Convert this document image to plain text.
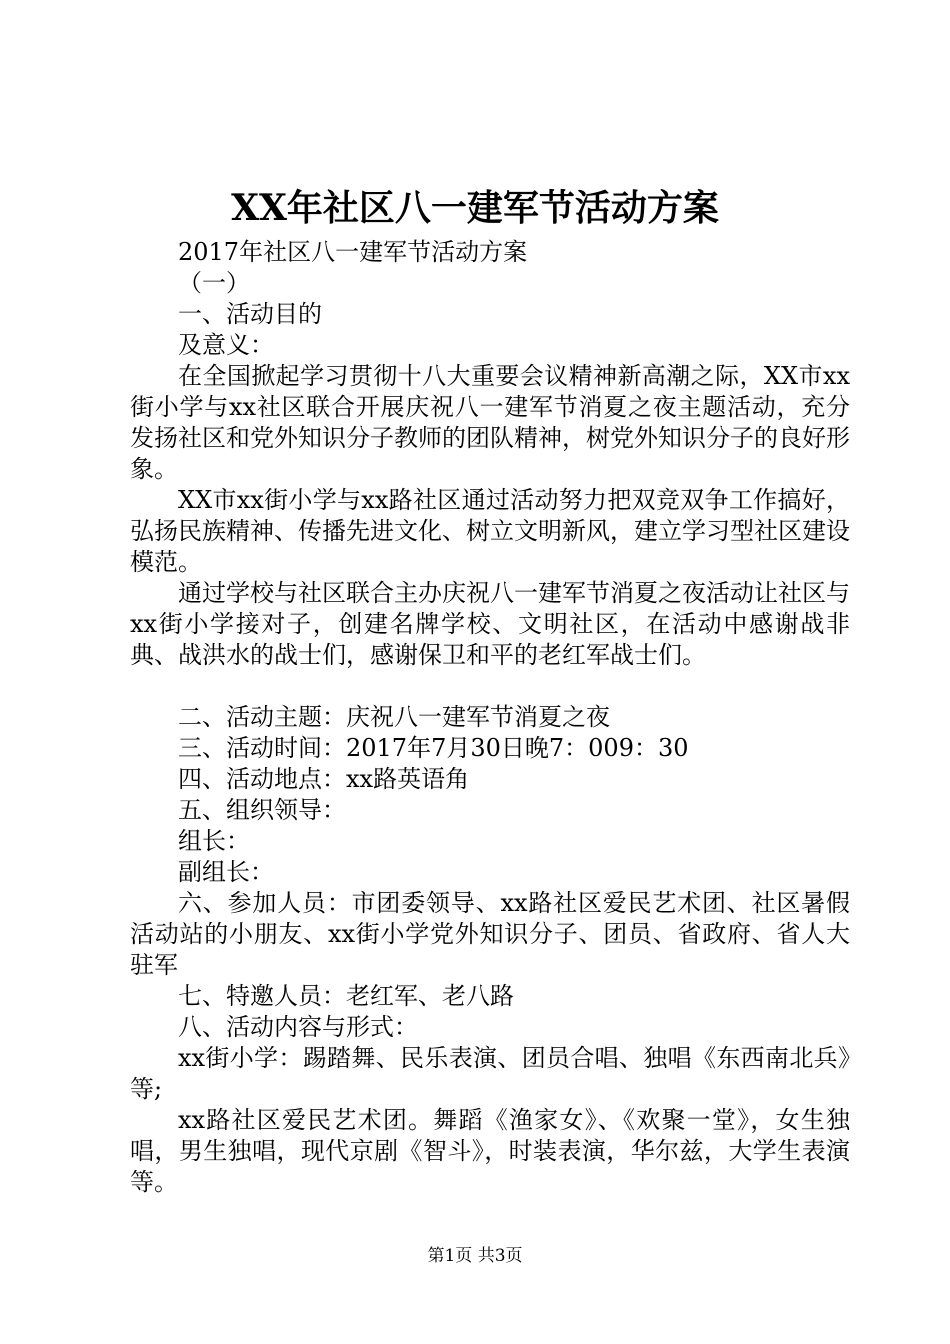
XX年社区八一建军节活动方案

2017年社区八一建军节活动方案

（一）

一、活动目的

及意义：

在全国掀起学习贯彻十八大重要会议精神新高潮之际，XX市xx街小学与xx社区联合开展庆祝八一建军节消夏之夜主题活动，充分发扬社区和党外知识分子教师的团队精神，树党外知识分子的良好形象。

XX市xx街小学与xx路社区通过活动努力把双竞双争工作搞好，弘扬民族精神、传播先进文化、树立文明新风，建立学习型社区建设模范。

通过学校与社区联合主办庆祝八一建军节消夏之夜活动让社区与xx街小学接对子，创建名牌学校、文明社区，在活动中感谢战非典、战洪水的战士们，感谢保卫和平的老红军战士们。

二、活动主题：庆祝八一建军节消夏之夜

三、活动时间：2017年7月30日晚7：009：30

四、活动地点：xx路英语角

五、组织领导：

组长：

副组长：

六、参加人员：市团委领导、xx路社区爱民艺术团、社区暑假活动站的小朋友、xx街小学党外知识分子、团员、省政府、省人大驻军

七、特邀人员：老红军、老八路

八、活动内容与形式：

xx街小学：踢踏舞、民乐表演、团员合唱、独唱《东西南北兵》等;

xx路社区爱民艺术团。舞蹈《渔家女》、《欢聚一堂》，女生独唱，男生独唱，现代京剧《智斗》，时装表演，华尔兹，大学生表演等。

第1页 共3页
